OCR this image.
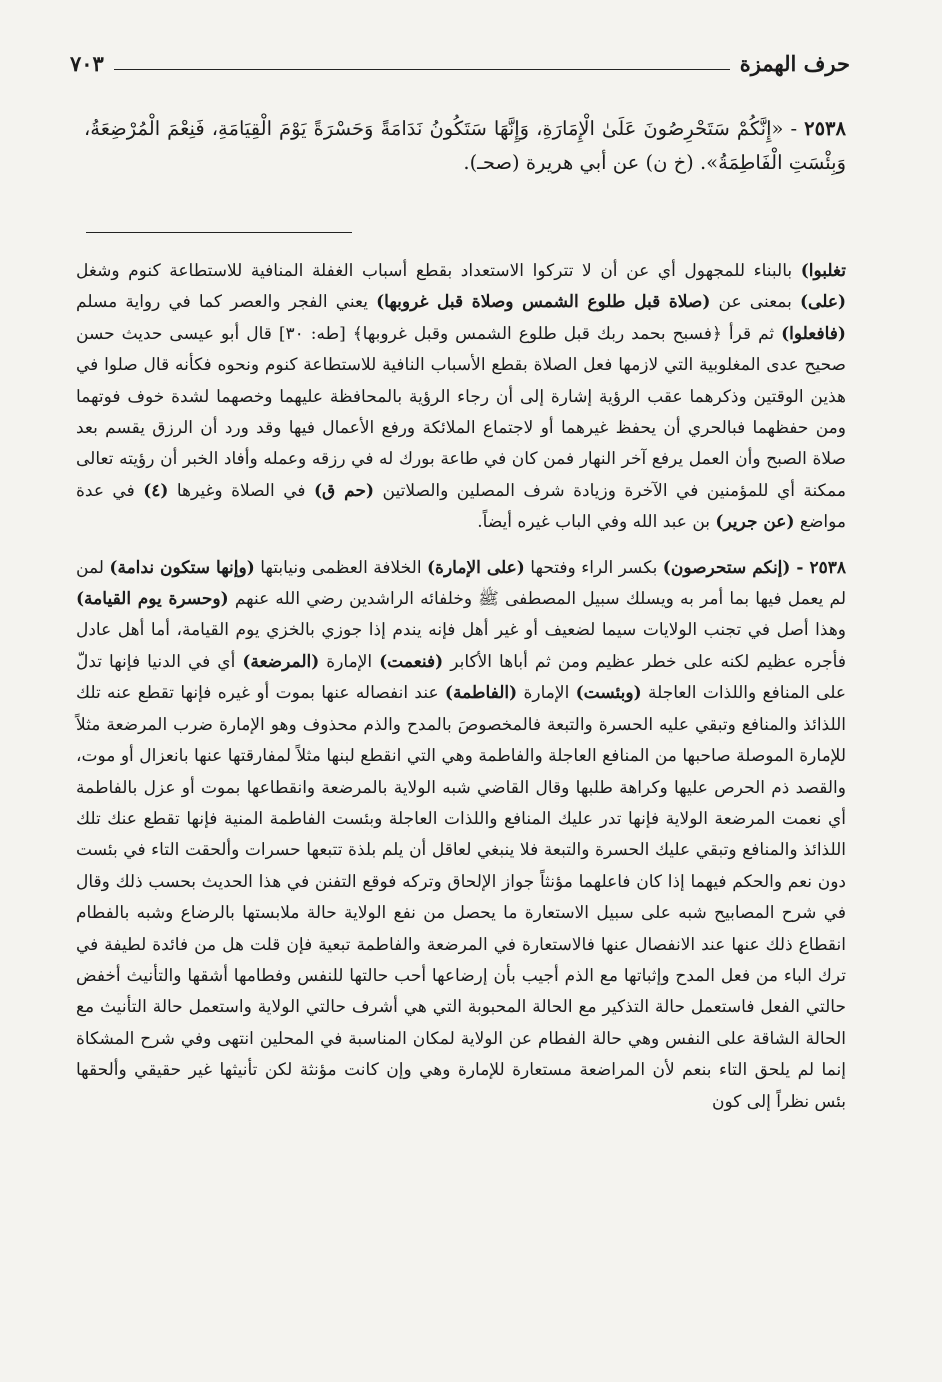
حرف الهمزة
٧٠٣
٢٥٣٨ - «إِنَّكُمْ سَتَحْرِصُونَ عَلَىٰ الْإِمَارَةِ، وَإِنَّهَا سَتَكُونُ نَدَامَةً وَحَسْرَةً يَوْمَ الْقِيَامَةِ، فَنِعْمَ الْمُرْضِعَةُ، وَبِئْسَتِ الْفَاطِمَةُ». (خ ن) عن أبي هريرة (صحـ).

تغلبوا) بالبناء للمجهول أي عن أن لا تتركوا الاستعداد بقطع أسباب الغفلة المنافية للاستطاعة كنوم وشغل (على) بمعنى عن (صلاة قبل طلوع الشمس وصلاة قبل غروبها) يعني الفجر والعصر كما في رواية مسلم (فافعلوا) ثم قرأ ﴿فسبح بحمد ربك قبل طلوع الشمس وقبل غروبها﴾ [طه: ٣٠] قال أبو عيسى حديث حسن صحيح عدى المغلوبية التي لازمها فعل الصلاة بقطع الأسباب النافية للاستطاعة كنوم ونحوه فكأنه قال صلوا في هذين الوقتين وذكرهما عقب الرؤية إشارة إلى أن رجاء الرؤية بالمحافظة عليهما وخصهما لشدة خوف فوتهما ومن حفظهما فبالحري أن يحفظ غيرهما أو لاجتماع الملائكة ورفع الأعمال فيها وقد ورد أن الرزق يقسم بعد صلاة الصبح وأن العمل يرفع آخر النهار فمن كان في طاعة بورك له في رزقه وعمله وأفاد الخبر أن رؤيته تعالى ممكنة أي للمؤمنين في الآخرة وزيادة شرف المصلين والصلاتين (حم ق) في الصلاة وغيرها (٤) في عدة مواضع (عن جرير) بن عبد الله وفي الباب غيره أيضاً.

٢٥٣٨ - (إنكم ستحرصون) بكسر الراء وفتحها (على الإمارة) الخلافة العظمى ونيابتها (وإنها ستكون ندامة) لمن لم يعمل فيها بما أمر به ويسلك سبيل المصطفى ﷺ وخلفائه الراشدين رضي الله عنهم (وحسرة يوم القيامة) وهذا أصل في تجنب الولايات سيما لضعيف أو غير أهل فإنه يندم إذا جوزي بالخزي يوم القيامة، أما أهل عادل فأجره عظيم لكنه على خطر عظيم ومن ثم أباها الأكابر (فنعمت) الإمارة (المرضعة) أي في الدنيا فإنها تدلّ على المنافع واللذات العاجلة (وبئست) الإمارة (الفاطمة) عند انفصاله عنها بموت أو غيره فإنها تقطع عنه تلك اللذائذ والمنافع وتبقي عليه الحسرة والتبعة فالمخصوصَ بالمدح والذم محذوف وهو الإمارة ضرب المرضعة مثلاً للإمارة الموصلة صاحبها من المنافع العاجلة والفاطمة وهي التي انقطع لبنها مثلاً لمفارقتها عنها بانعزال أو موت، والقصد ذم الحرص عليها وكراهة طلبها وقال القاضي شبه الولاية بالمرضعة وانقطاعها بموت أو عزل بالفاطمة أي نعمت المرضعة الولاية فإنها تدر عليك المنافع واللذات العاجلة وبئست الفاطمة المنية فإنها تقطع عنك تلك اللذائذ والمنافع وتبقي عليك الحسرة والتبعة فلا ينبغي لعاقل أن يلم بلذة تتبعها حسرات وألحقت التاء في بئست دون نعم والحكم فيهما إذا كان فاعلهما مؤنثاً جواز الإلحاق وتركه فوقع التفنن في هذا الحديث بحسب ذلك وقال في شرح المصابيح شبه على سبيل الاستعارة ما يحصل من نفع الولاية حالة ملابستها بالرضاع وشبه بالفطام انقطاع ذلك عنها عند الانفصال عنها فالاستعارة في المرضعة والفاطمة تبعية فإن قلت هل من فائدة لطيفة في ترك الباء من فعل المدح وإثباتها مع الذم أجيب بأن إرضاعها أحب حالتها للنفس وفطامها أشقها والتأنيث أخفض حالتي الفعل فاستعمل حالة التذكير مع الحالة المحبوبة التي هي أشرف حالتي الولاية واستعمل حالة التأنيث مع الحالة الشاقة على النفس وهي حالة الفطام عن الولاية لمكان المناسبة في المحلين انتهى وفي شرح المشكاة إنما لم يلحق التاء بنعم لأن المراضعة مستعارة للإمارة وهي وإن كانت مؤنثة لكن تأنيثها غير حقيقي وألحقها بئس نظراً إلى كون
